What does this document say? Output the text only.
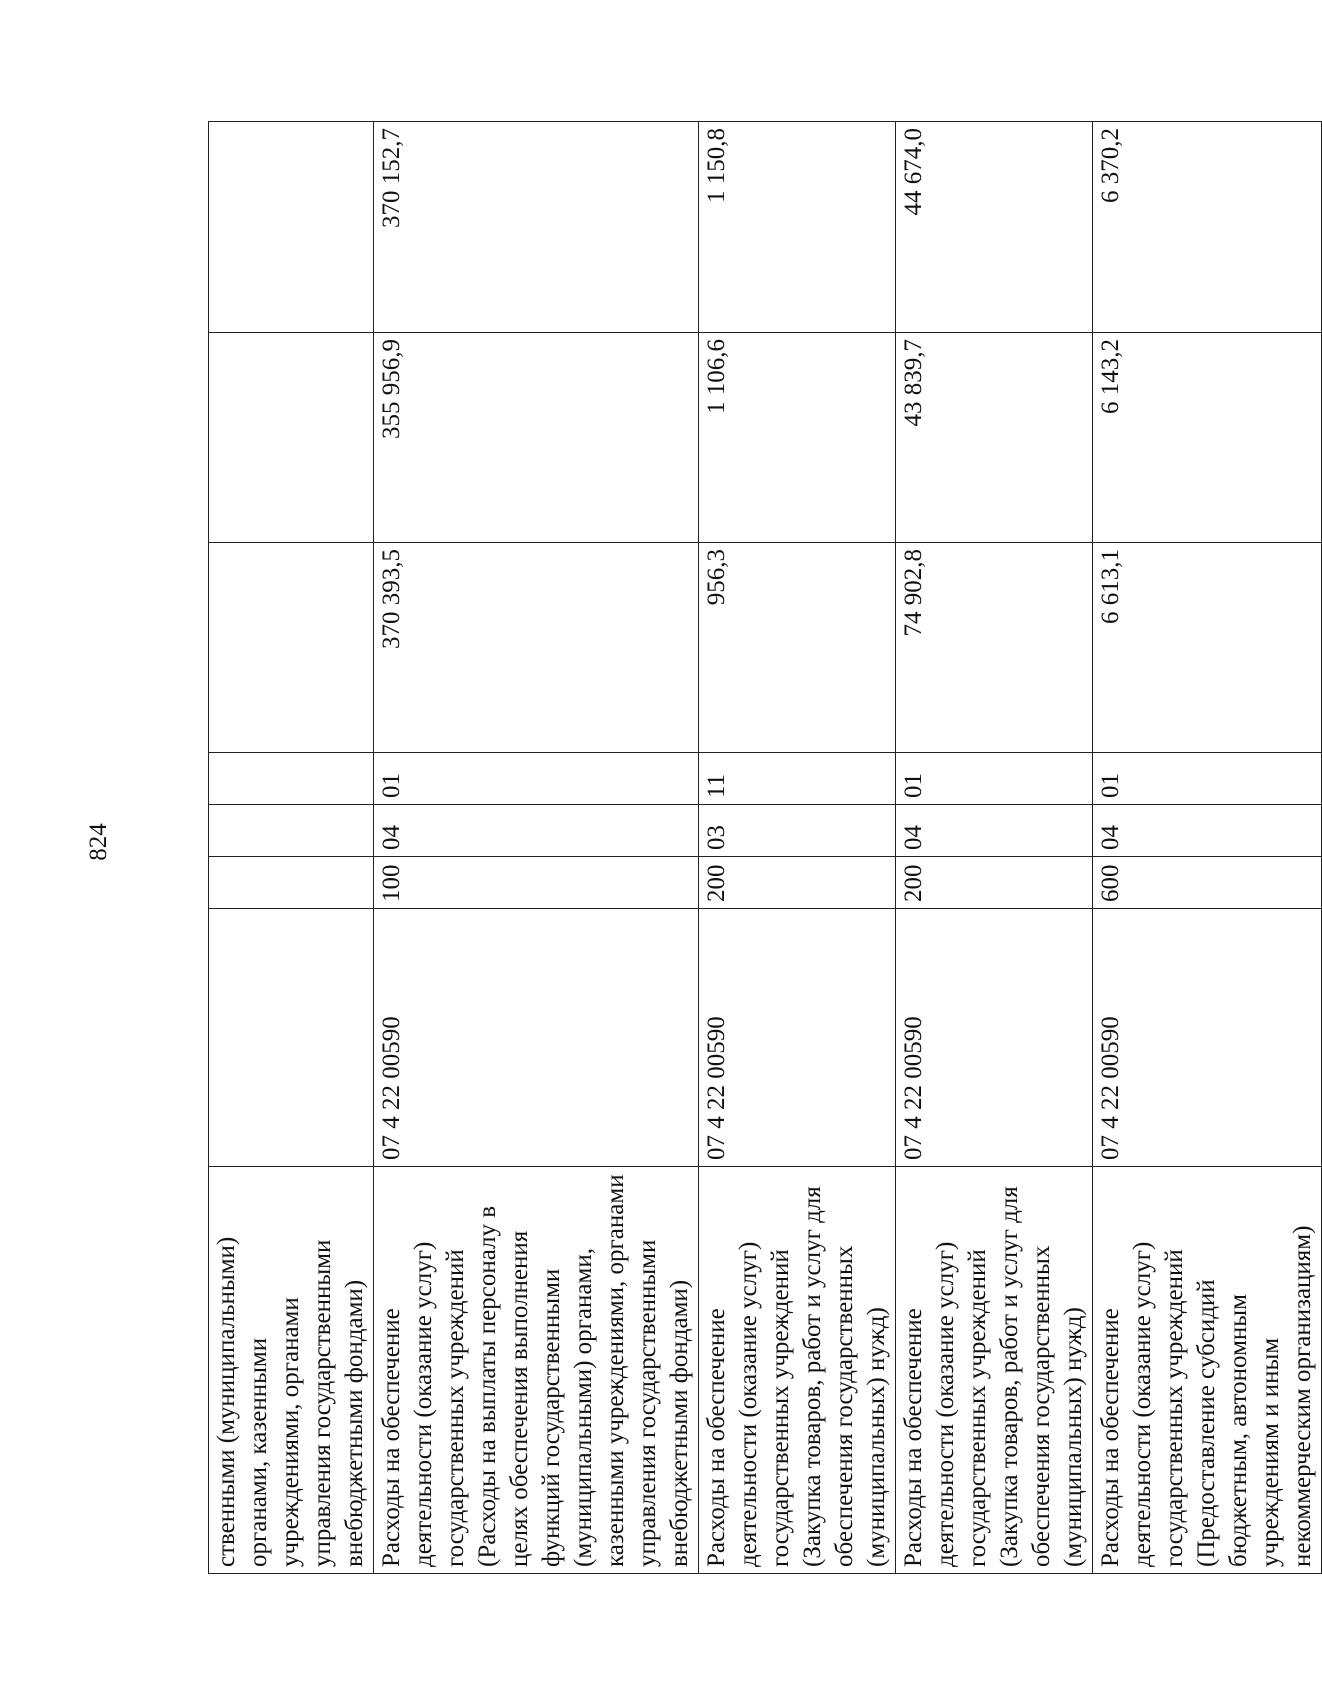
824
ственными (муниципальными) органами, казенными учреждениями, органами управления государственными внебюджетными фондами)							
Расходы на обеспечение деятельности (оказание услуг) государственных учреждений (Расходы на выплаты персоналу в целях обеспечения выполнения функций государственными (муниципальными) органами, казенными учреждениями, органами управления государственными внебюджетными фондами)	07 4 22 00590	100	04	01	370 393,5	355 956,9	370 152,7
Расходы на обеспечение деятельности (оказание услуг) государственных учреждений (Закупка товаров, работ и услуг для обеспечения государственных (муниципальных) нужд)	07 4 22 00590	200	03	11	956,3	1 106,6	1 150,8
Расходы на обеспечение деятельности (оказание услуг) государственных учреждений (Закупка товаров, работ и услуг для обеспечения государственных (муниципальных) нужд)	07 4 22 00590	200	04	01	74 902,8	43 839,7	44 674,0
Расходы на обеспечение деятельности (оказание услуг) государственных учреждений (Предоставление субсидий бюджетным, автономным учреждениям и иным некоммерческим организациям)	07 4 22 00590	600	04	01	6 613,1	6 143,2	6 370,2
